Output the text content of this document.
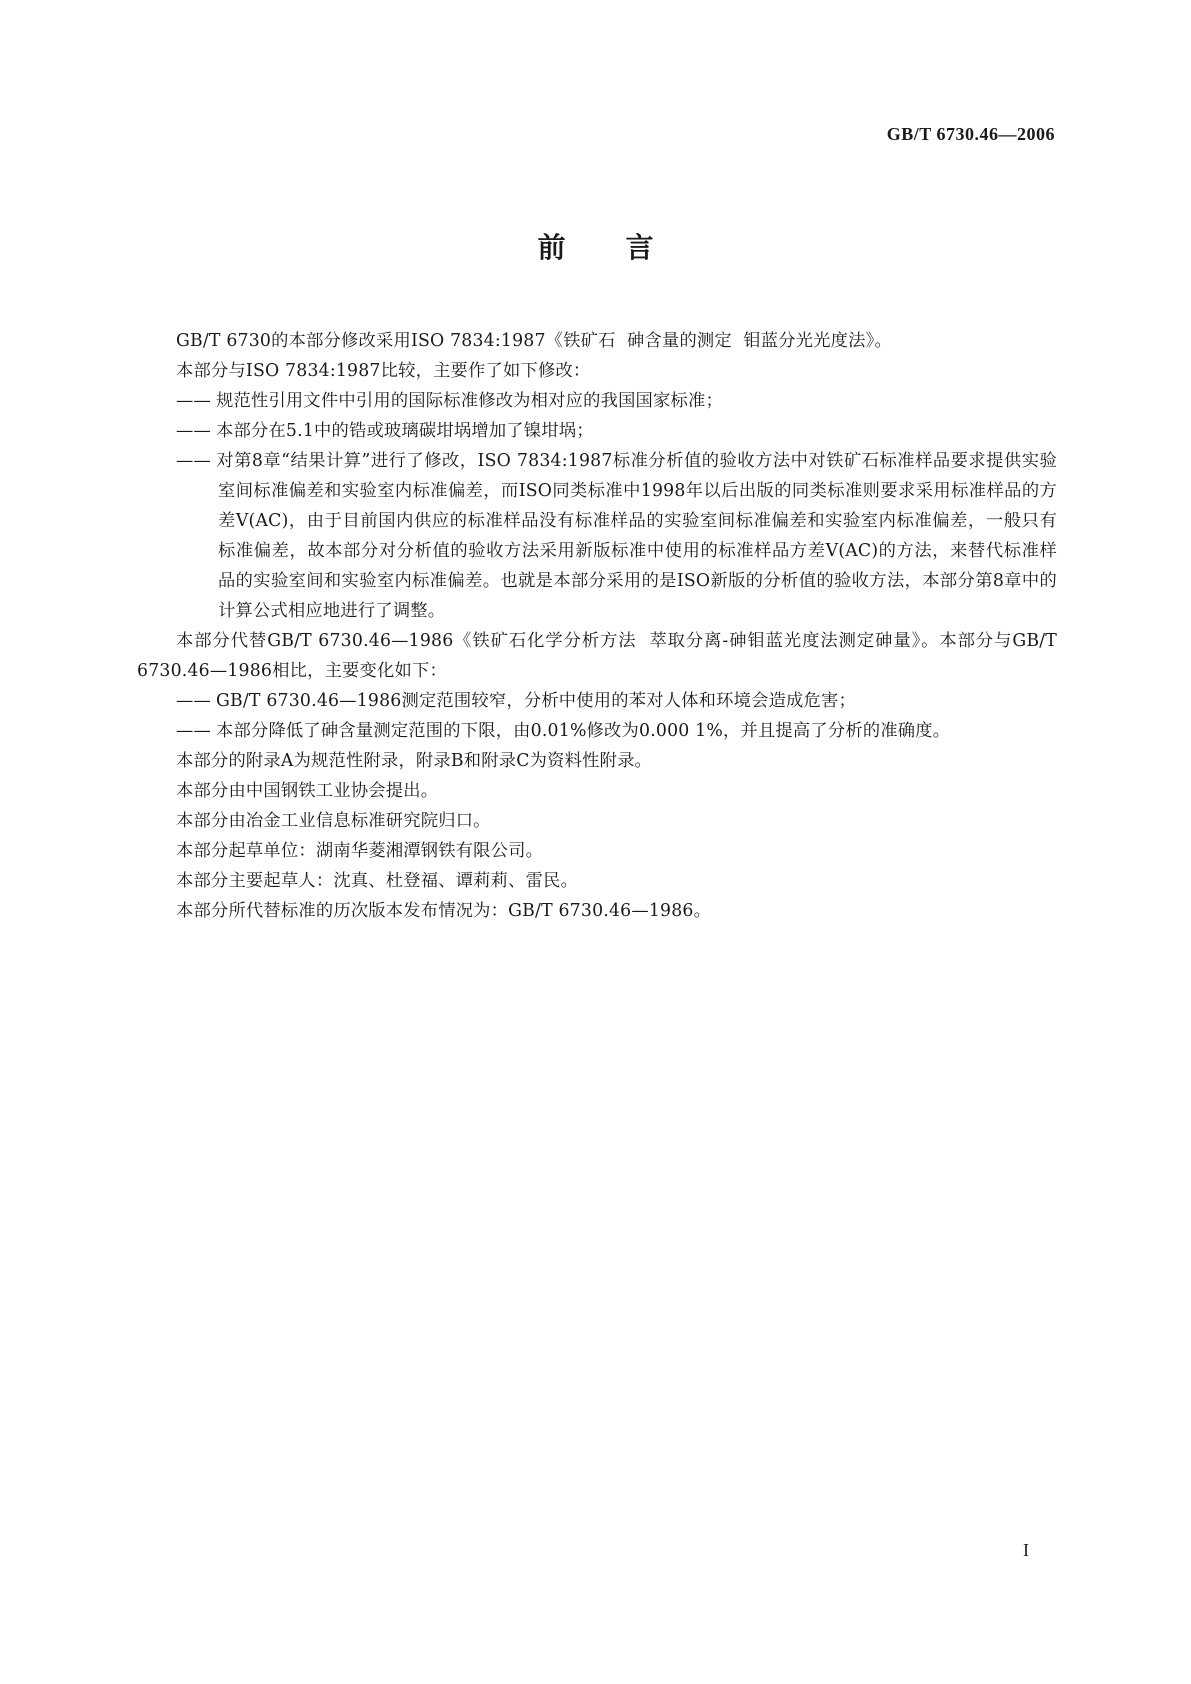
GB/T 6730.46—2006
前 言

GB/T 6730的本部分修改采用ISO 7834:1987《铁矿石  砷含量的测定  钼蓝分光光度法》。

本部分与ISO 7834:1987比较，主要作了如下修改：

—— 规范性引用文件中引用的国际标准修改为相对应的我国国家标准；

—— 本部分在5.1中的锆或玻璃碳坩埚增加了镍坩埚；

—— 对第8章“结果计算”进行了修改，ISO 7834:1987标准分析值的验收方法中对铁矿石标准样品要求提供实验室间标准偏差和实验室内标准偏差，而ISO同类标准中1998年以后出版的同类标准则要求采用标准样品的方差V(AC)，由于目前国内供应的标准样品没有标准样品的实验室间标准偏差和实验室内标准偏差，一般只有标准偏差，故本部分对分析值的验收方法采用新版标准中使用的标准样品方差V(AC)的方法，来替代标准样品的实验室间和实验室内标准偏差。也就是本部分采用的是ISO新版的分析值的验收方法，本部分第8章中的计算公式相应地进行了调整。

本部分代替GB/T 6730.46—1986《铁矿石化学分析方法  萃取分离-砷钼蓝光度法测定砷量》。本部分与GB/T 6730.46—1986相比，主要变化如下：

—— GB/T 6730.46—1986测定范围较窄，分析中使用的苯对人体和环境会造成危害；

—— 本部分降低了砷含量测定范围的下限，由0.01%修改为0.000 1%，并且提高了分析的准确度。

本部分的附录A为规范性附录，附录B和附录C为资料性附录。

本部分由中国钢铁工业协会提出。

本部分由冶金工业信息标准研究院归口。

本部分起草单位：湖南华菱湘潭钢铁有限公司。

本部分主要起草人：沈真、杜登福、谭莉莉、雷民。

本部分所代替标准的历次版本发布情况为：GB/T 6730.46—1986。

I
